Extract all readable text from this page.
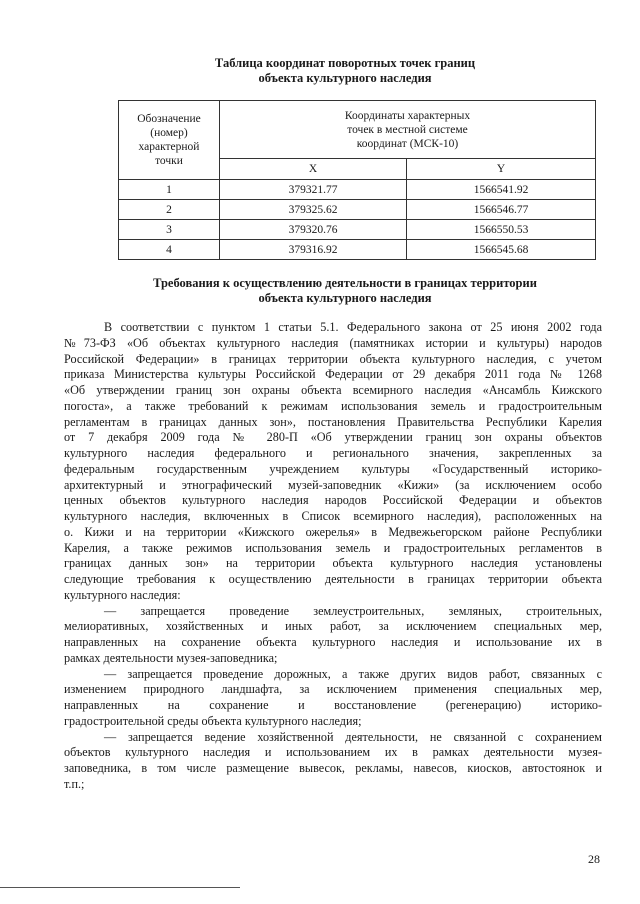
Таблица координат поворотных точек границ
объекта культурного наследия
Обозначение
(номер)
характерной
точки	Координаты характерных
точек в местной системе
координат (МСК-10)	

	X	Y
1	379321.77	1566541.92
2	379325.62	1566546.77
3	379320.76	1566550.53
4	379316.92	1566545.68
Требования к осуществлению деятельности в границах территории
объекта культурного наследия
В соответствии с пунктом 1 статьи 5.1. Федерального закона от 25 июня 2002 года
№73-ФЗ «Об объектах культурного наследия (памятниках истории и культуры) народов
Российской Федерации» в границах территории объекта культурного наследия, с учетом
приказа Министерства культуры Российской Федерации от 29 декабря 2011 года № 1268
«Об утверждении границ зон охраны объекта всемирного наследия «Ансамбль Кижского
погоста», а также требований к режимам использования земель и градостроительным
регламентам в границах данных зон», постановления Правительства Республики Карелия
от 7 декабря 2009 года № 280-П «Об утверждении границ зон охраны объектов
культурного наследия федерального и регионального значения, закрепленных за
федеральным государственным учреждением культуры «Государственный историко-
архитектурный и этнографический музей-заповедник «Кижи» (за исключением особо
ценных объектов культурного наследия народов Российской Федерации и объектов
культурного наследия, включенных в Список всемирного наследия), расположенных на
о. Кижи и на территории «Кижского ожерелья» в Медвежьегорском районе Республики
Карелия, а также режимов использования земель и градостроительных регламентов в
границах данных зон» на территории объекта культурного наследия установлены
следующие требования к осуществлению деятельности в границах территории объекта
культурного наследия:
— запрещается проведение землеустроительных, земляных, строительных,
мелиоративных, хозяйственных и иных работ, за исключением специальных мер,
направленных на сохранение объекта культурного наследия и использование их в
рамках деятельности музея-заповедника;
— запрещается проведение дорожных, а также других видов работ, связанных с
изменением природного ландшафта, за исключением применения специальных мер,
направленных на сохранение и восстановление (регенерацию) историко-
градостроительной среды объекта культурного наследия;
— запрещается ведение хозяйственной деятельности, не связанной с сохранением
объектов культурного наследия и использованием их в рамках деятельности музея-
заповедника, в том числе размещение вывесок, рекламы, навесов, киосков, автостоянок и
т.п.;
28
